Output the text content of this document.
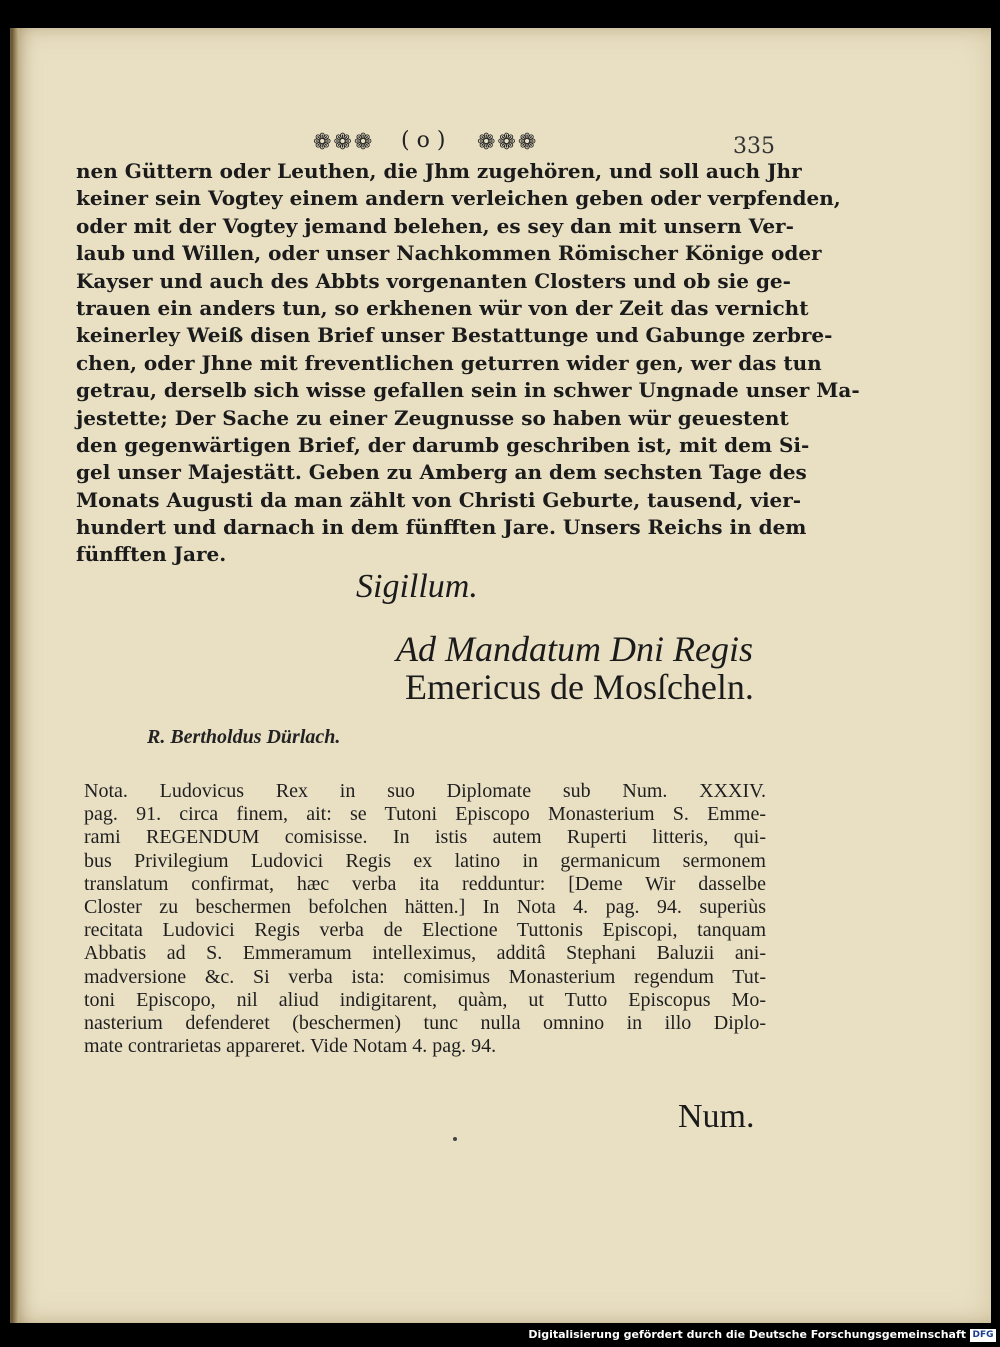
❁❁❁ ( o ) ❁❁❁	335
nen Güttern oder Leuthen, die Jhm zugehören, und soll auch Jhr
keiner sein Vogtey einem andern verleichen geben oder verpfenden,
oder mit der Vogtey jemand belehen, es sey dan mit unsern Ver-
laub und Willen, oder unser Nachkommen Römischer Könige oder
Kayser und auch des Abbts vorgenanten Closters und ob sie ge-
trauen ein anders tun, so erkhenen wür von der Zeit das vernicht
keinerley Weiß disen Brief unser Bestattunge und Gabunge zerbre-
chen, oder Jhne mit freventlichen geturren wider gen, wer das tun
getrau, derselb sich wisse gefallen sein in schwer Ungnade unser Ma-
jestette; Der Sache zu einer Zeugnusse so haben wür geuestent
den gegenwärtigen Brief, der darumb geschriben ist, mit dem Si-
gel unser Majestätt. Geben zu Amberg an dem sechsten Tage des
Monats Augusti da man zählt von Christi Geburte, tausend, vier-
hundert und darnach in dem fünfften Jare. Unsers Reichs in dem
fünfften Jare.
Sigillum.
Ad Mandatum Dni Regis
Emericus de Mosſcheln.
R. Bertholdus Dürlach.
Nota. Ludovicus Rex in suo Diplomate sub Num. XXXIV.
pag. 91. circa finem, ait: se Tutoni Episcopo Monasterium S. Emme-
rami REGENDUM comisisse. In istis autem Ruperti litteris, qui-
bus Privilegium Ludovici Regis ex latino in germanicum sermonem
translatum confirmat, hæc verba ita redduntur: [Deme Wir dasselbe
Closter zu beschermen befolchen hätten.] In Nota 4. pag. 94. superiùs
recitata Ludovici Regis verba de Electione Tuttonis Episcopi, tanquam
Abbatis ad S. Emmeramum intelleximus, additâ Stephani Baluzii ani-
madversione &c. Si verba ista: comisimus Monasterium regendum Tut-
toni Episcopo, nil aliud indigitarent, quàm, ut Tutto Episcopus Mo-
nasterium defenderet (beschermen) tunc nulla omnino in illo Diplo-
mate contrarietas appareret. Vide Notam 4. pag. 94.
Num.
Digitalisierung gefördert durch die Deutsche Forschungsgemeinschaft DFG
